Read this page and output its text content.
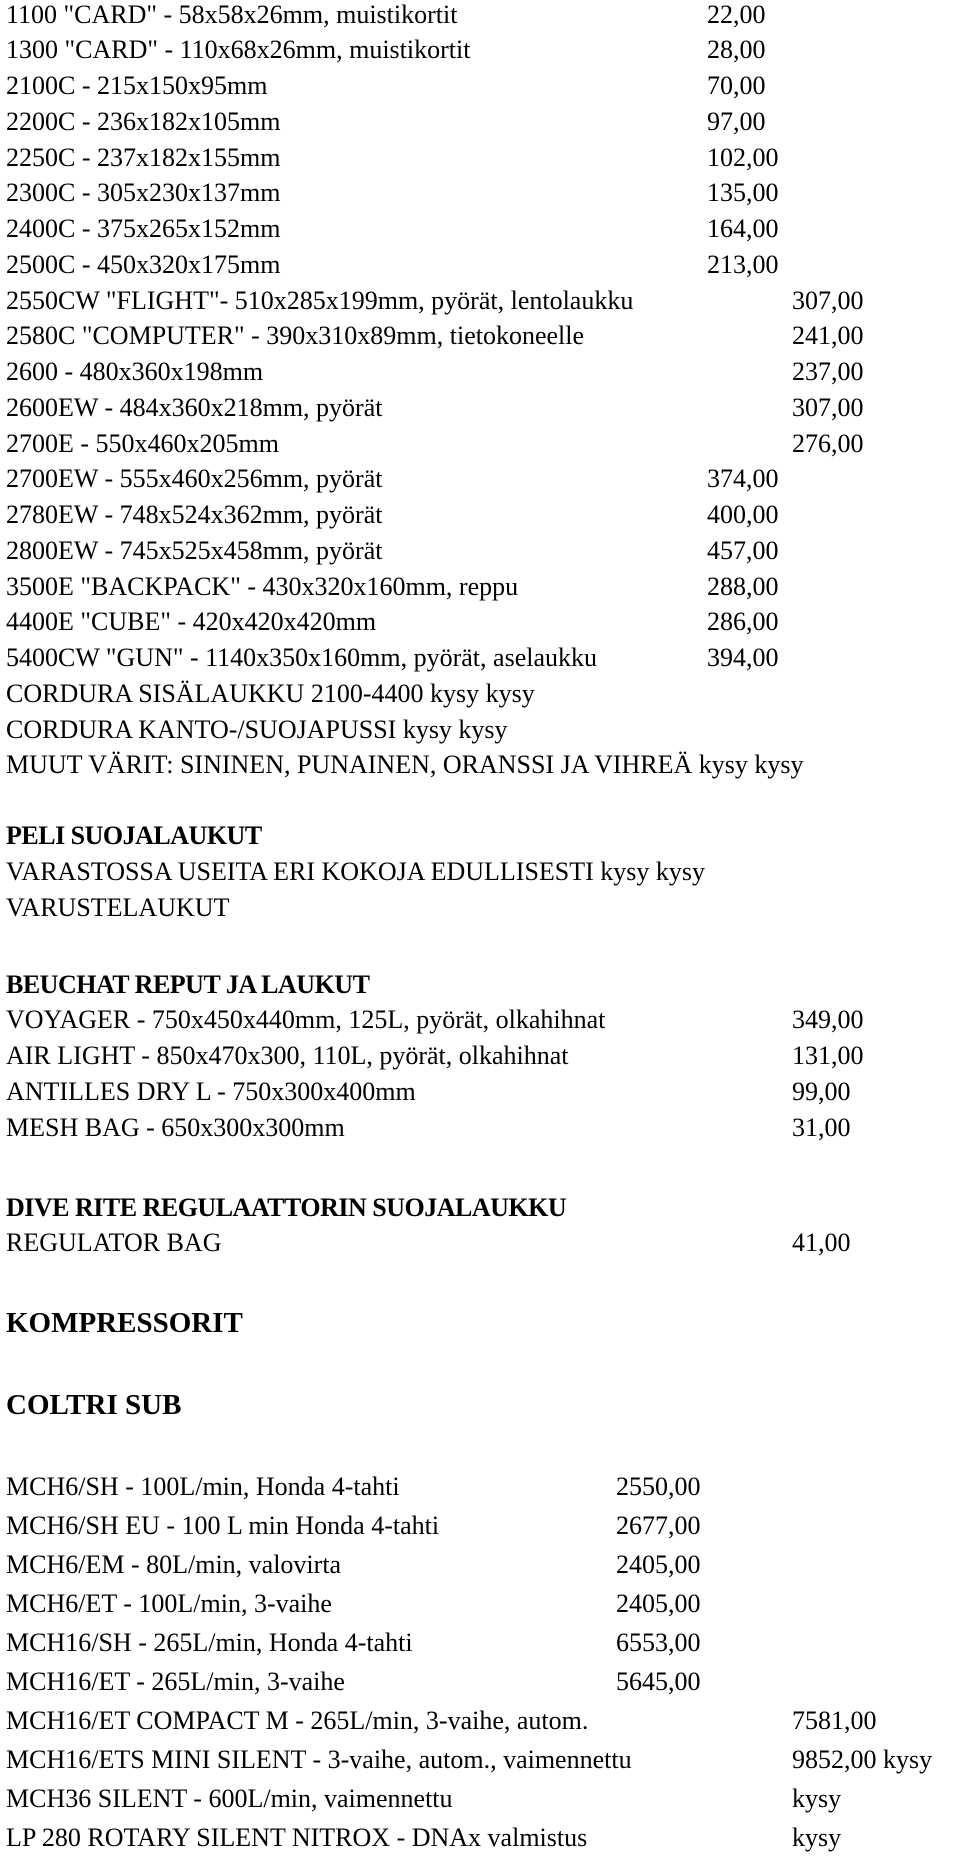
1100 "CARD" - 58x58x26mm, muistikortit	22,00
1300 "CARD" - 110x68x26mm, muistikortit	28,00
2100C - 215x150x95mm	70,00
2200C - 236x182x105mm	97,00
2250C - 237x182x155mm	102,00
2300C - 305x230x137mm	135,00
2400C - 375x265x152mm	164,00
2500C - 450x320x175mm	213,00
2550CW "FLIGHT"- 510x285x199mm, pyörät, lentolaukku	307,00
2580C "COMPUTER" - 390x310x89mm, tietokoneelle	241,00
2600 - 480x360x198mm	237,00
2600EW - 484x360x218mm, pyörät	307,00
2700E - 550x460x205mm	276,00
2700EW - 555x460x256mm, pyörät	374,00
2780EW - 748x524x362mm, pyörät	400,00
2800EW - 745x525x458mm, pyörät	457,00
3500E "BACKPACK" - 430x320x160mm, reppu	288,00
4400E "CUBE" - 420x420x420mm	286,00
5400CW "GUN" - 1140x350x160mm, pyörät, aselaukku	394,00
CORDURA SISÄLAUKKU 2100-4400 kysy kysy
CORDURA KANTO-/SUOJAPUSSI kysy kysy
MUUT VÄRIT: SININEN, PUNAINEN, ORANSSI JA VIHREÄ kysy kysy
PELI SUOJALAUKUT
VARASTOSSA USEITA ERI KOKOJA EDULLISESTI kysy kysy
VARUSTELAUKUT
BEUCHAT REPUT JA LAUKUT
VOYAGER - 750x450x440mm, 125L, pyörät, olkahihnat	349,00
AIR LIGHT - 850x470x300, 110L, pyörät, olkahihnat	131,00
ANTILLES DRY L - 750x300x400mm	99,00
MESH BAG - 650x300x300mm	31,00
DIVE RITE REGULAATTORIN SUOJALAUKKU
REGULATOR BAG	41,00
KOMPRESSORIT
COLTRI SUB
MCH6/SH - 100L/min, Honda 4-tahti	2550,00
MCH6/SH EU - 100 L min Honda 4-tahti	2677,00
MCH6/EM - 80L/min, valovirta	2405,00
MCH6/ET - 100L/min, 3-vaihe	2405,00
MCH16/SH - 265L/min, Honda 4-tahti	6553,00
MCH16/ET - 265L/min, 3-vaihe	5645,00
MCH16/ET COMPACT M - 265L/min, 3-vaihe, autom.	7581,00
MCH16/ETS MINI SILENT - 3-vaihe, autom., vaimennettu	9852,00 kysy
MCH36 SILENT - 600L/min, vaimennettu	kysy
LP 280 ROTARY SILENT NITROX - DNAx valmistus	kysy
